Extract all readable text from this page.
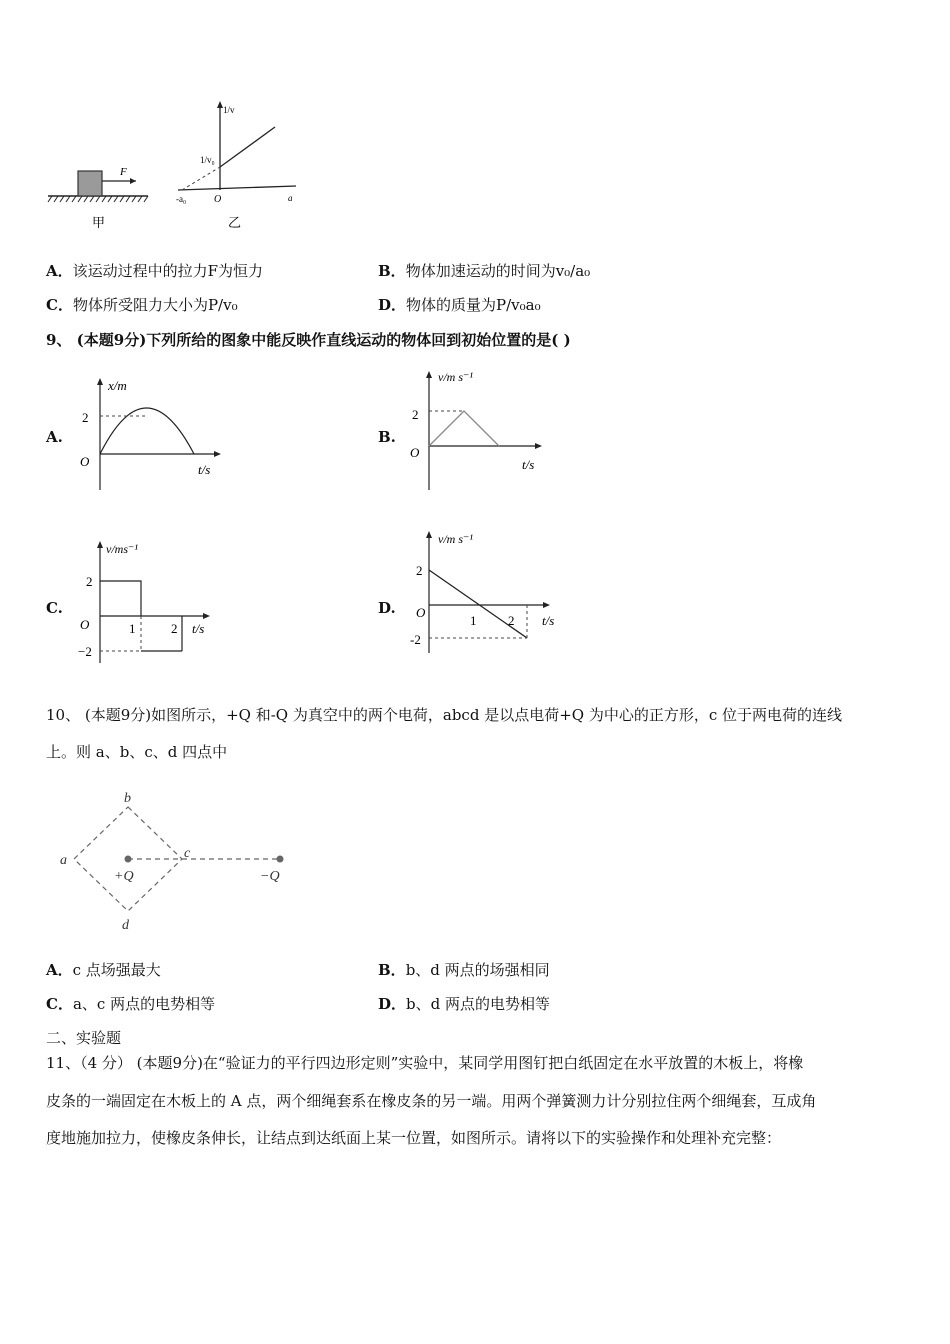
F
甲
1/v
1/v₀
O
-a₀	a
乙
A．该运动过程中的拉力F为恒力	B．物体加速运动的时间为v₀/a₀
C．物体所受阻力大小为P/v₀	D．物体的质量为P/v₀a₀
9、 (本题9分)下列所给的图象中能反映作直线运动的物体回到初始位置的是( )
A.
x/m
2
O
t/s
B.
v/m s⁻¹
2
O
t/s
C.
v/ms⁻¹
2
O
−2
1	2 t/s
D.
v/m s⁻¹
2
O
-2
1 2 t/s
10、 (本题9分)如图所示，+Q 和-Q 为真空中的两个电荷，abcd 是以点电荷+Q 为中心的正方形，c 位于两电荷的连线
上。则 a、b、c、d 四点中
b
a	c
d
+Q	−Q
A．c 点场强最大	B．b、d 两点的场强相同
C．a、c 两点的电势相等	D．b、d 两点的电势相等
二、实验题
11、（4 分） (本题9分)在“验证力的平行四边形定则”实验中，某同学用图钉把白纸固定在水平放置的木板上，将橡
皮条的一端固定在木板上的 A 点，两个细绳套系在橡皮条的另一端。用两个弹簧测力计分别拉住两个细绳套，互成角
度地施加拉力，使橡皮条伸长，让结点到达纸面上某一位置，如图所示。请将以下的实验操作和处理补充完整：
